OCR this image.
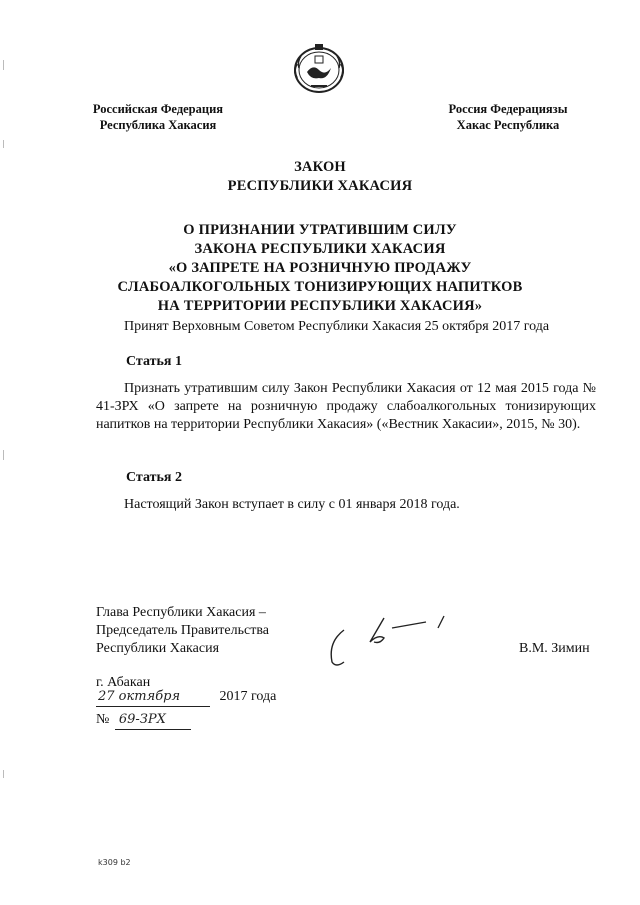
Российская Федерация
Республика Хакасия
Россия Федерациязы
Хакас Республика
ЗАКОН
РЕСПУБЛИКИ ХАКАСИЯ
О ПРИЗНАНИИ УТРАТИВШИМ СИЛУ
ЗАКОНА РЕСПУБЛИКИ ХАКАСИЯ
«О ЗАПРЕТЕ НА РОЗНИЧНУЮ ПРОДАЖУ
СЛАБОАЛКОГОЛЬНЫХ ТОНИЗИРУЮЩИХ НАПИТКОВ
НА ТЕРРИТОРИИ РЕСПУБЛИКИ ХАКАСИЯ»
Принят Верховным Советом Республики Хакасия 25 октября 2017 года
Статья 1
Признать утратившим силу Закон Республики Хакасия от 12 мая 2015 года № 41-ЗРХ «О запрете на розничную продажу слабоалкогольных тонизирующих напитков на территории Республики Хакасия» («Вестник Хакасии», 2015, № 30).
Статья 2
Настоящий Закон вступает в силу с 01 января 2018 года.
Глава Республики Хакасия –
Председатель Правительства
Республики Хакасия	В.М. Зимин
г. Абакан
27 октября	2017 года
№ 69-ЗРХ
k309 b2
